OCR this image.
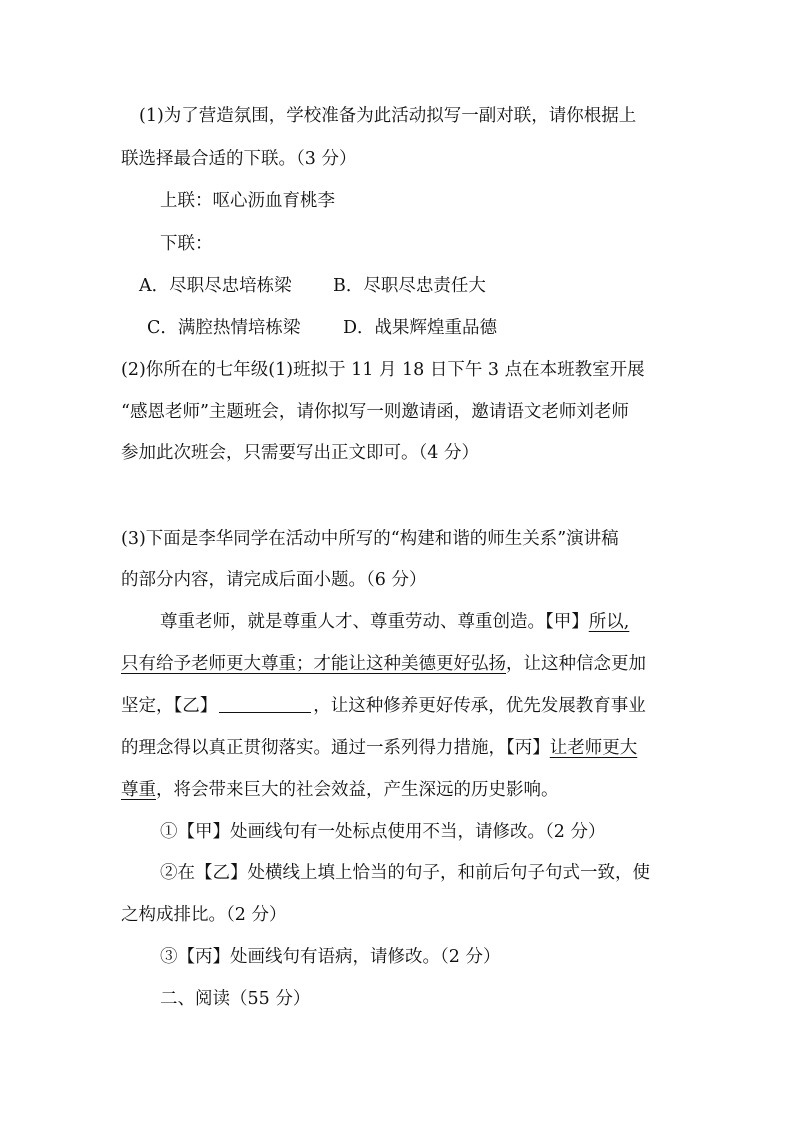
(1)为了营造氛围，学校准备为此活动拟写一副对联，请你根据上
联选择最合适的下联。（3 分）
上联：呕心沥血育桃李
下联：
A．尽职尽忠培栋梁 B．尽职尽忠责任大
C．满腔热情培栋梁 D．战果辉煌重品德
(2)你所在的七年级(1)班拟于 11 月 18 日下午 3 点在本班教室开展
“感恩老师”主题班会，请你拟写一则邀请函，邀请语文老师刘老师
参加此次班会，只需要写出正文即可。（4 分）
(3)下面是李华同学在活动中所写的“构建和谐的师生关系”演讲稿
的部分内容，请完成后面小题。（6 分）
尊重老师，就是尊重人才、尊重劳动、尊重创造。【甲】所以,
只有给予老师更大尊重；才能让这种美德更好弘扬，让这种信念更加
坚定，【乙】	，让这种修养更好传承，优先发展教育事业
的理念得以真正贯彻落实。通过一系列得力措施，【丙】让老师更大
尊重，将会带来巨大的社会效益，产生深远的历史影响。
①【甲】处画线句有一处标点使用不当，请修改。（2 分）
②在【乙】处横线上填上恰当的句子，和前后句子句式一致，使
之构成排比。（2 分）
③【丙】处画线句有语病，请修改。（2 分）
二、阅读（55 分）
